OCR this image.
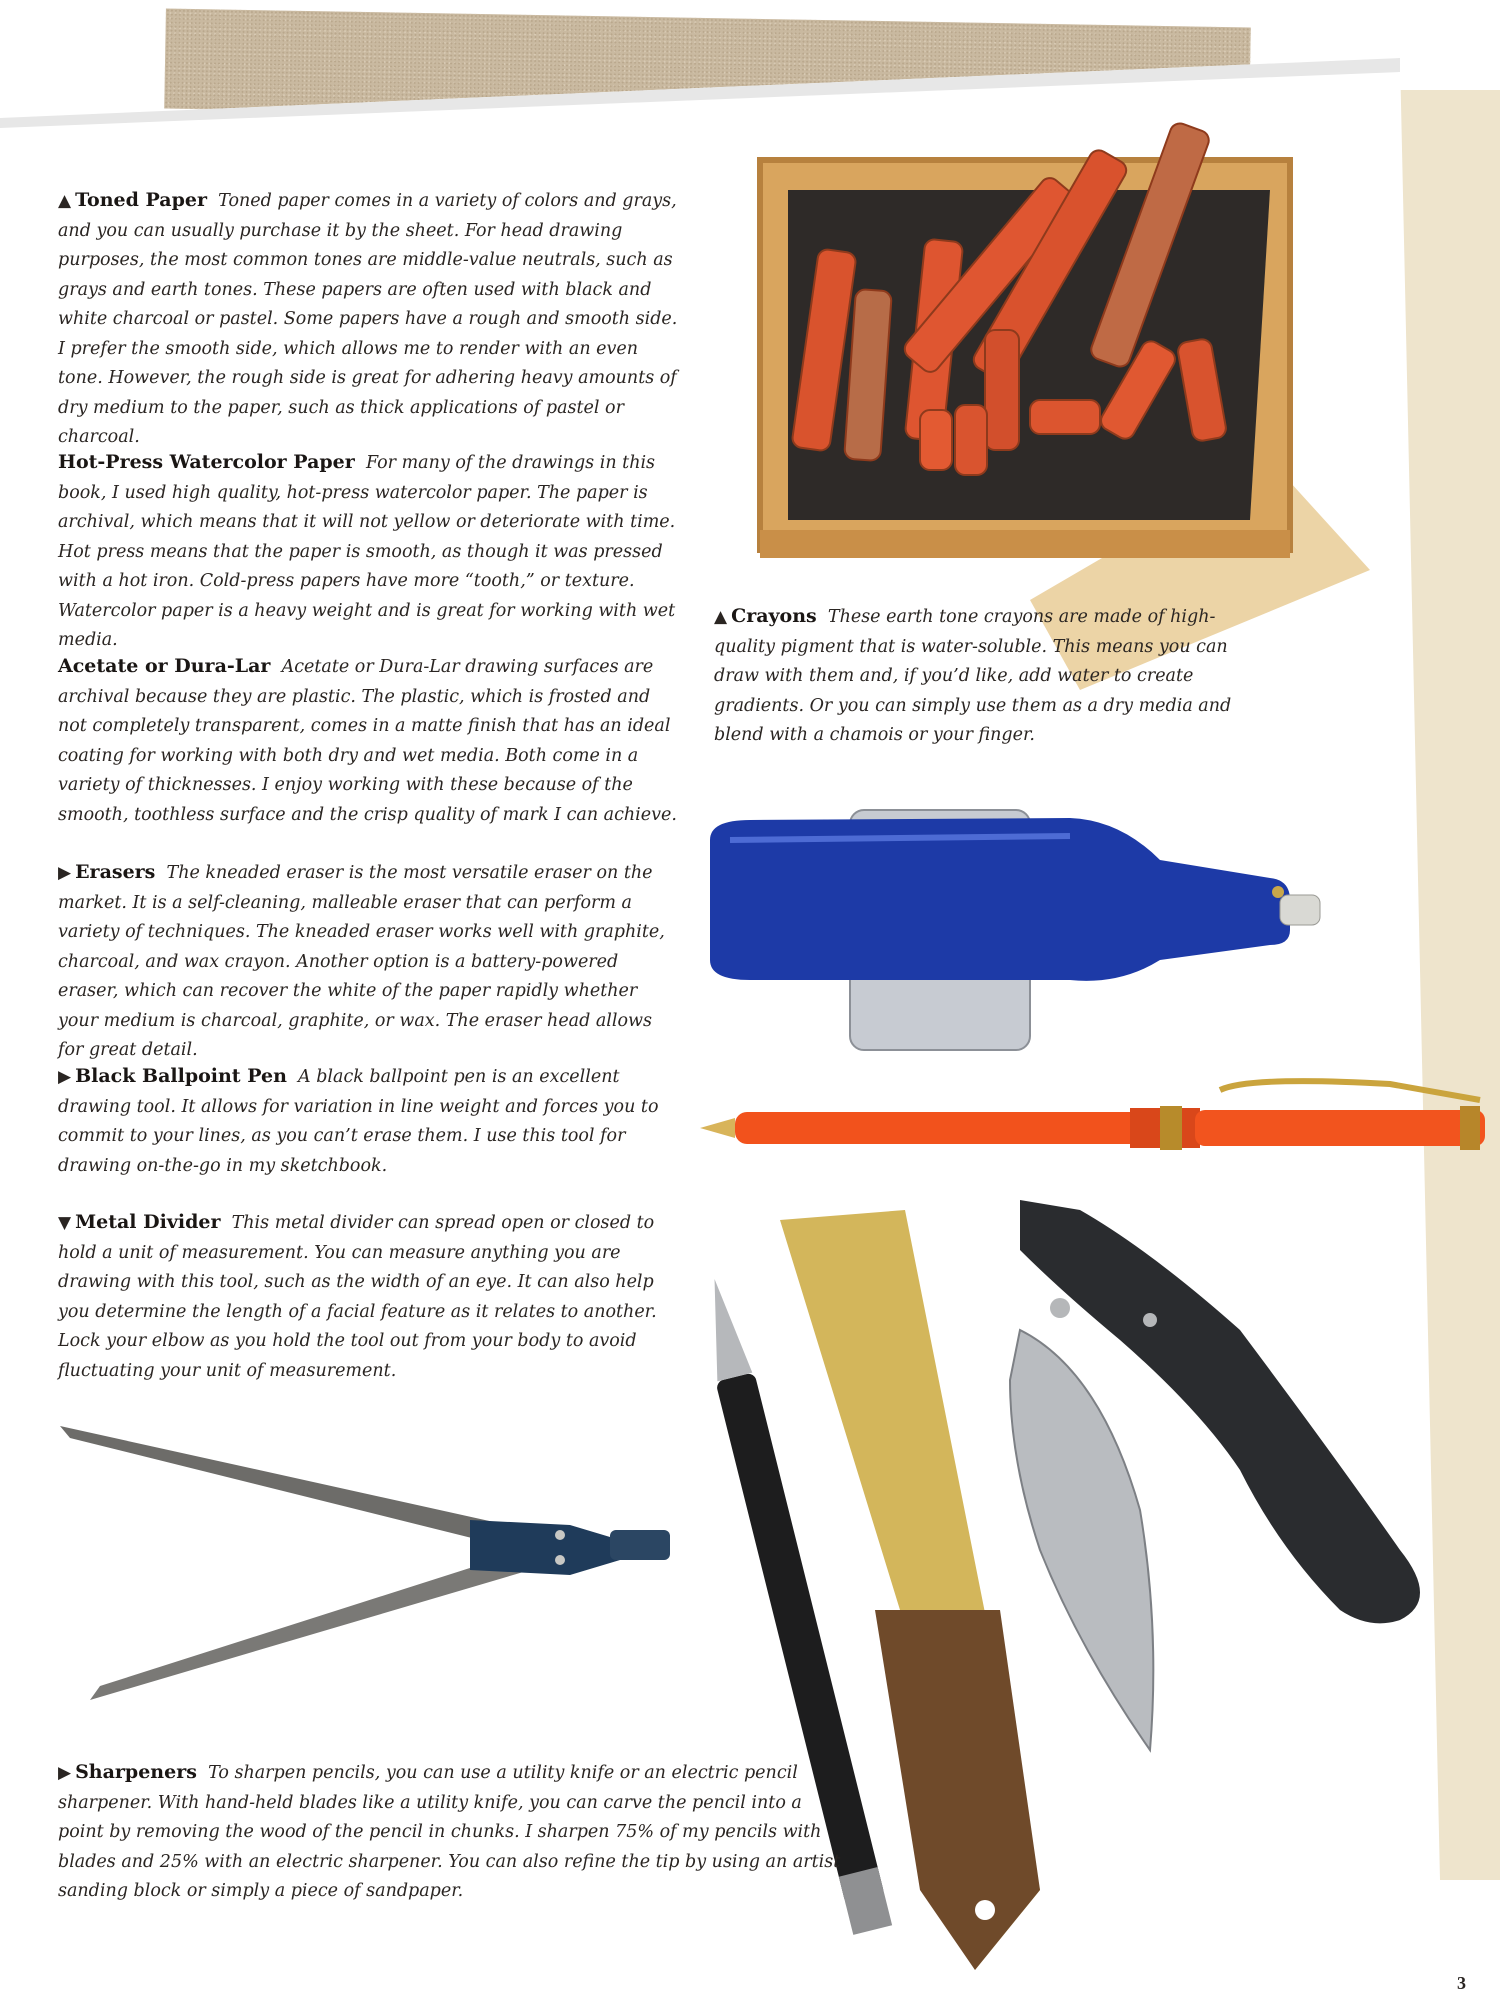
▲ Toned Paper Toned paper comes in a variety of colors and grays, and you can usually purchase it by the sheet. For head drawing purposes, the most common tones are middle-value neutrals, such as grays and earth tones. These papers are often used with black and white charcoal or pastel. Some papers have a rough and smooth side. I prefer the smooth side, which allows me to render with an even tone. However, the rough side is great for adhering heavy amounts of dry medium to the paper, such as thick applications of pastel or charcoal.

Hot-Press Watercolor Paper For many of the drawings in this book, I used high quality, hot-press watercolor paper. The paper is archival, which means that it will not yellow or deteriorate with time. Hot press means that the paper is smooth, as though it was pressed with a hot iron. Cold-press papers have more “tooth,” or texture. Watercolor paper is a heavy weight and is great for working with wet media.

Acetate or Dura-Lar Acetate or Dura-Lar drawing surfaces are archival because they are plastic. The plastic, which is frosted and not completely transparent, comes in a matte finish that has an ideal coating for working with both dry and wet media. Both come in a variety of thicknesses. I enjoy working with these because of the smooth, toothless surface and the crisp quality of mark I can achieve.

▶ Erasers The kneaded eraser is the most versatile eraser on the market. It is a self-cleaning, malleable eraser that can perform a variety of techniques. The kneaded eraser works well with graphite, charcoal, and wax crayon. Another option is a battery-powered eraser, which can recover the white of the paper rapidly whether your medium is charcoal, graphite, or wax. The eraser head allows for great detail.

▶ Black Ballpoint Pen A black ballpoint pen is an excellent drawing tool. It allows for variation in line weight and forces you to commit to your lines, as you can’t erase them. I use this tool for drawing on-the-go in my sketchbook.

▼ Metal Divider This metal divider can spread open or closed to hold a unit of measurement. You can measure anything you are drawing with this tool, such as the width of an eye. It can also help you determine the length of a facial feature as it relates to another. Lock your elbow as you hold the tool out from your body to avoid fluctuating your unit of measurement.

▲ Crayons These earth tone crayons are made of high-quality pigment that is water-soluble. This means you can draw with them and, if you’d like, add water to create gradients. Or you can simply use them as a dry media and blend with a chamois or your finger.

▶ Sharpeners To sharpen pencils, you can use a utility knife or an electric pencil sharpener. With hand-held blades like a utility knife, you can carve the pencil into a point by removing the wood of the pencil in chunks. I sharpen 75% of my pencils with blades and 25% with an electric sharpener. You can also refine the tip by using an artist sanding block or simply a piece of sandpaper.

3
